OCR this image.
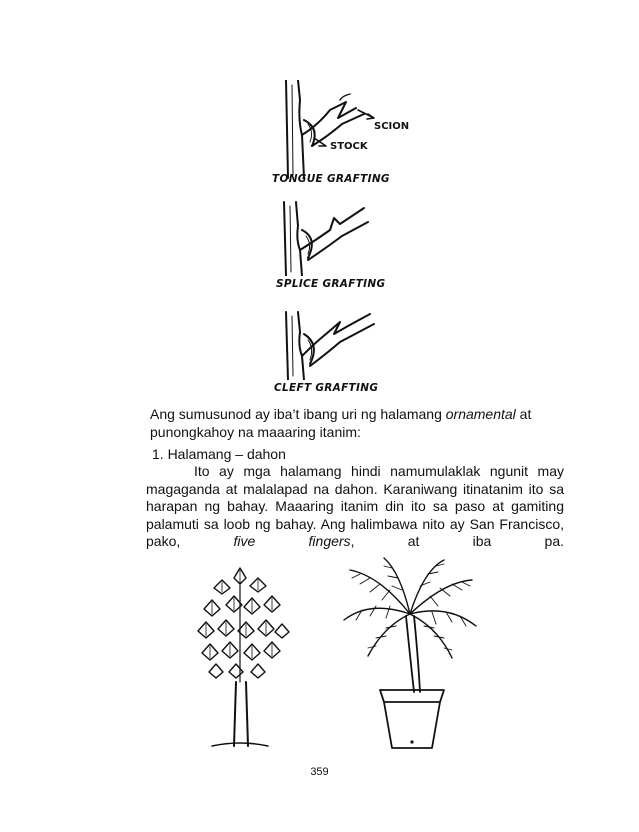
SCION
STOCK
TONGUE GRAFTING
SPLICE GRAFTING
CLEFT GRAFTING

Ang sumusunod ay iba’t ibang uri ng halamang ornamental at punongkahoy na maaaring itanim:

1. Halamang – dahon

Ito ay mga halamang hindi namumulaklak ngunit may magaganda at malalapad na dahon. Karaniwang itinatanim ito sa harapan ng bahay. Maaaring itanim din ito sa paso at gamiting palamuti sa loob ng bahay. Ang halimbawa nito ay San Francisco, pako, five fingers, at iba pa.

359
